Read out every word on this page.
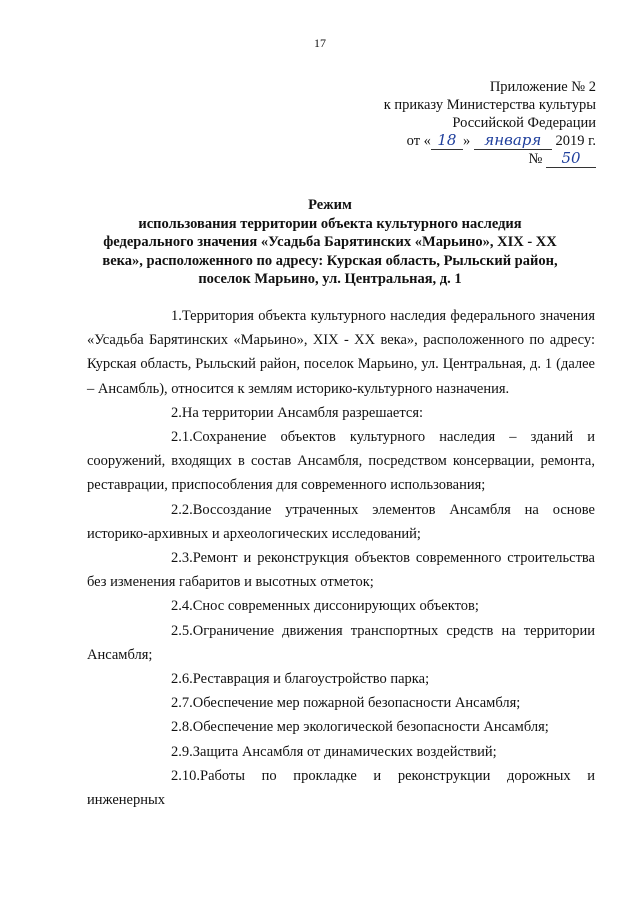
17
Приложение № 2
к приказу Министерства культуры
Российской Федерации
от « 18 » января 2019 г.
№ 50
Режим
использования территории объекта культурного наследия
федерального значения «Усадьба Барятинских «Марьино», XIX - XX
века», расположенного по адресу: Курская область, Рыльский район,
поселок Марьино, ул. Центральная, д. 1

1.Территория объекта культурного наследия федерального значения «Усадьба Барятинских «Марьино», XIX - XX века», расположенного по адресу: Курская область, Рыльский район, поселок Марьино, ул. Центральная, д. 1 (далее – Ансамбль), относится к землям историко-культурного назначения.

2.На территории Ансамбля разрешается:

2.1.Сохранение объектов культурного наследия – зданий и сооружений, входящих в состав Ансамбля, посредством консервации, ремонта, реставрации, приспособления для современного использования;

2.2.Воссоздание утраченных элементов Ансамбля на основе историко-архивных и археологических исследований;

2.3.Ремонт и реконструкция объектов современного строительства без изменения габаритов и высотных отметок;

2.4.Снос современных диссонирующих объектов;

2.5.Ограничение движения транспортных средств на территории Ансамбля;

2.6.Реставрация и благоустройство парка;

2.7.Обеспечение мер пожарной безопасности Ансамбля;

2.8.Обеспечение мер экологической безопасности Ансамбля;

2.9.Защита Ансамбля от динамических воздействий;

2.10.Работы по прокладке и реконструкции дорожных и инженерных
